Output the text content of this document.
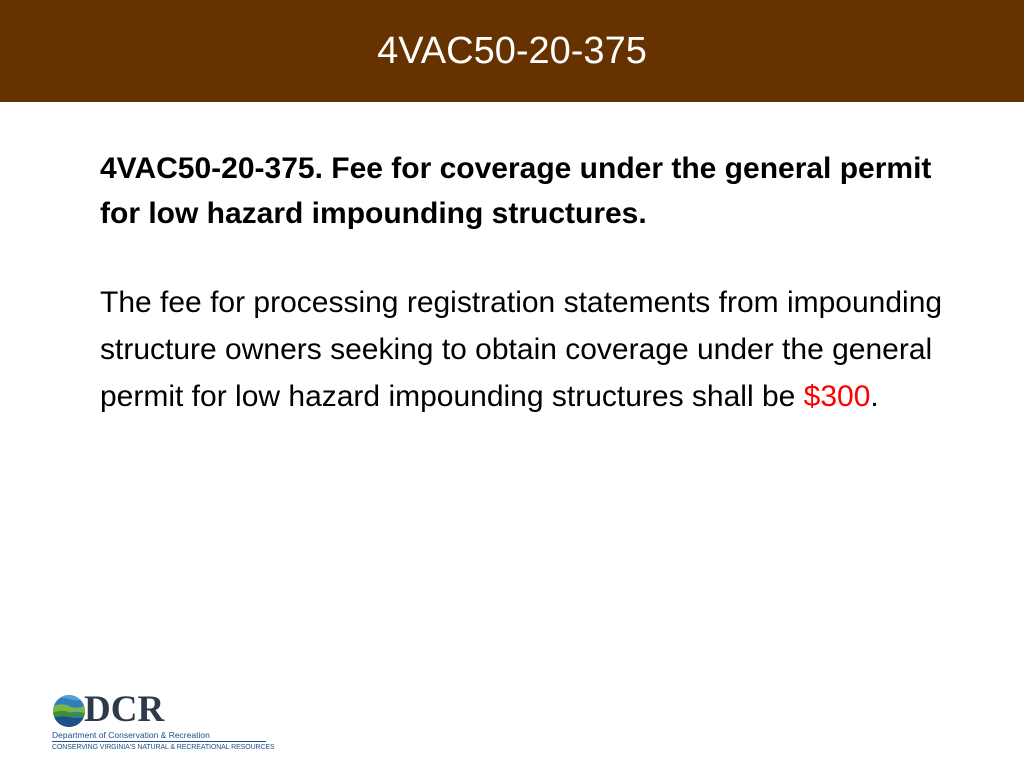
4VAC50-20-375

4VAC50-20-375. Fee for coverage under the general permit for low hazard impounding structures.

The fee for processing registration statements from impounding structure owners seeking to obtain coverage under the general permit for low hazard impounding structures shall be $300.

DCR
Department of Conservation & Recreation
CONSERVING VIRGINIA'S NATURAL & RECREATIONAL RESOURCES
